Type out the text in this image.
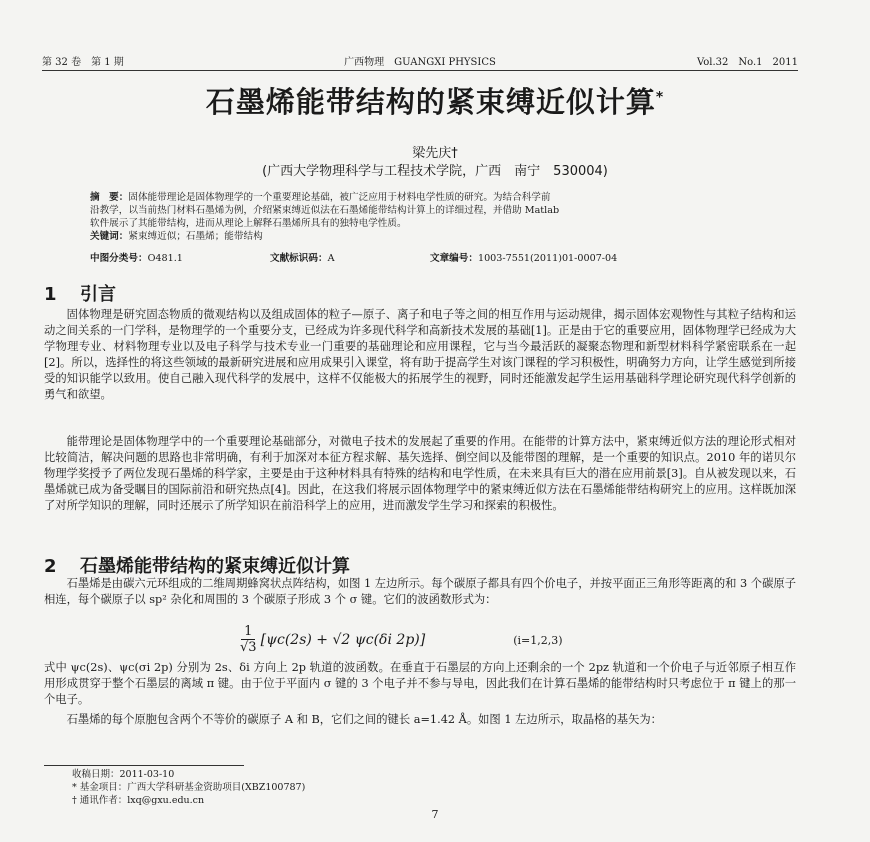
第 32 卷　第 1 期	广西物理　GUANGXI PHYSICS	Vol.32　No.1　2011
石墨烯能带结构的紧束缚近似计算*
梁先庆†
(广西大学物理科学与工程技术学院，广西　南宁　530004)
摘　要：固体能带理论是固体物理学的一个重要理论基础，被广泛应用于材料电学性质的研究。为结合科学前
沿教学，以当前热门材料石墨烯为例，介绍紧束缚近似法在石墨烯能带结构计算上的详细过程，并借助 Matlab
软件展示了其能带结构，进而从理论上解释石墨烯所具有的独特电学性质。
关键词：紧束缚近似；石墨烯；能带结构
中图分类号：O481.1	文献标识码：A	文章编号：1003-7551(2011)01-0007-04
1 引言

固体物理是研究固态物质的微观结构以及组成固体的粒子—原子、离子和电子等之间的相互作用与运动规律，揭示固体宏观物性与其粒子结构和运动之间关系的一门学科，是物理学的一个重要分支，已经成为许多现代科学和高新技术发展的基础[1]。正是由于它的重要应用，固体物理学已经成为大学物理专业、材料物理专业以及电子科学与技术专业一门重要的基础理论和应用课程，它与当今最活跃的凝聚态物理和新型材料科学紧密联系在一起[2]。所以，选择性的将这些领域的最新研究进展和应用成果引入课堂，将有助于提高学生对该门课程的学习积极性，明确努力方向，让学生感觉到所接受的知识能学以致用。使自己融入现代科学的发展中，这样不仅能极大的拓展学生的视野，同时还能激发起学生运用基础科学理论研究现代科学创新的勇气和欲望。

能带理论是固体物理学中的一个重要理论基础部分，对微电子技术的发展起了重要的作用。在能带的计算方法中，紧束缚近似方法的理论形式相对比较简洁，解决问题的思路也非常明确，有利于加深对本征方程求解、基矢选择、倒空间以及能带图的理解，是一个重要的知识点。2010 年的诺贝尔物理学奖授予了两位发现石墨烯的科学家，主要是由于这种材料具有特殊的结构和电学性质，在未来具有巨大的潜在应用前景[3]。自从被发现以来，石墨烯就已成为备受瞩目的国际前沿和研究热点[4]。因此，在这我们将展示固体物理学中的紧束缚近似方法在石墨烯能带结构研究上的应用。这样既加深了对所学知识的理解，同时还展示了所学知识在前沿科学上的应用，进而激发学生学习和探索的积极性。

2 石墨烯能带结构的紧束缚近似计算

石墨烯是由碳六元环组成的二维周期蜂窝状点阵结构，如图 1 左边所示。每个碳原子都具有四个价电子，并按平面正三角形等距离的和 3 个碳原子相连，每个碳原子以 sp² 杂化和周围的 3 个碳原子形成 3 个 σ 键。它们的波函数形式为：

$\frac{1}{√3} [\psi c(2s) + √2$ ψc(δi 2p)]	(i=1,2,3)

式中 ψc(2s)、ψc(σi 2p) 分别为 2s、δi 方向上 2p 轨道的波函数。在垂直于石墨层的方向上还剩余的一个 2pz 轨道和一个价电子与近邻原子相互作用形成贯穿于整个石墨层的离域 π 键。由于位于平面内 σ 键的 3 个电子并不参与导电，因此我们在计算石墨烯的能带结构时只考虑位于 π 键上的那一个电子。

石墨烯的每个原胞包含两个不等价的碳原子 A 和 B，它们之间的键长 a=1.42 Å。如图 1 左边所示，取晶格的基矢为：

收稿日期：2011-03-10
* 基金项目：广西大学科研基金资助项目(XBZ100787)
† 通讯作者：lxq@gxu.edu.cn
7
